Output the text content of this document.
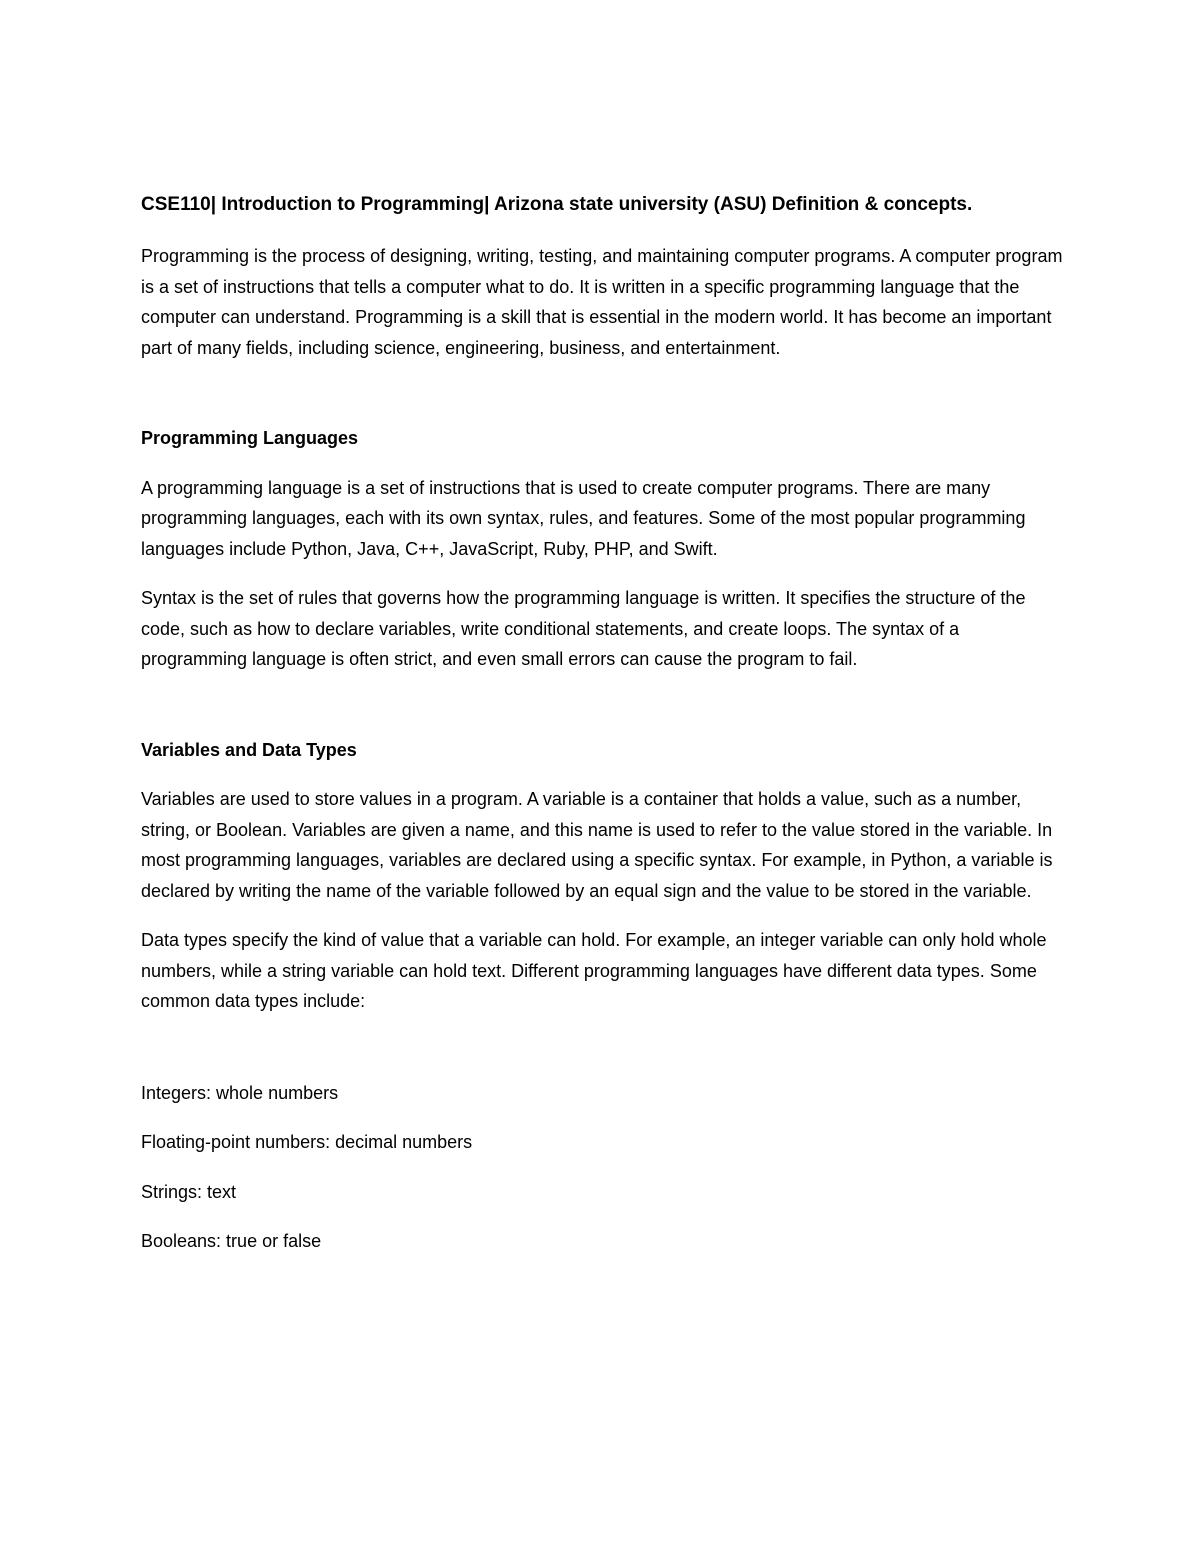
CSE110| Introduction to Programming| Arizona state university (ASU) Definition & concepts.

Programming is the process of designing, writing, testing, and maintaining computer programs. A computer program is a set of instructions that tells a computer what to do. It is written in a specific programming language that the computer can understand. Programming is a skill that is essential in the modern world. It has become an important part of many fields, including science, engineering, business, and entertainment.

Programming Languages

A programming language is a set of instructions that is used to create computer programs. There are many programming languages, each with its own syntax, rules, and features. Some of the most popular programming languages include Python, Java, C++, JavaScript, Ruby, PHP, and Swift.

Syntax is the set of rules that governs how the programming language is written. It specifies the structure of the code, such as how to declare variables, write conditional statements, and create loops. The syntax of a programming language is often strict, and even small errors can cause the program to fail.

Variables and Data Types

Variables are used to store values in a program. A variable is a container that holds a value, such as a number, string, or Boolean. Variables are given a name, and this name is used to refer to the value stored in the variable. In most programming languages, variables are declared using a specific syntax. For example, in Python, a variable is declared by writing the name of the variable followed by an equal sign and the value to be stored in the variable.

Data types specify the kind of value that a variable can hold. For example, an integer variable can only hold whole numbers, while a string variable can hold text. Different programming languages have different data types. Some common data types include:

Integers: whole numbers
Floating-point numbers: decimal numbers
Strings: text
Booleans: true or false
